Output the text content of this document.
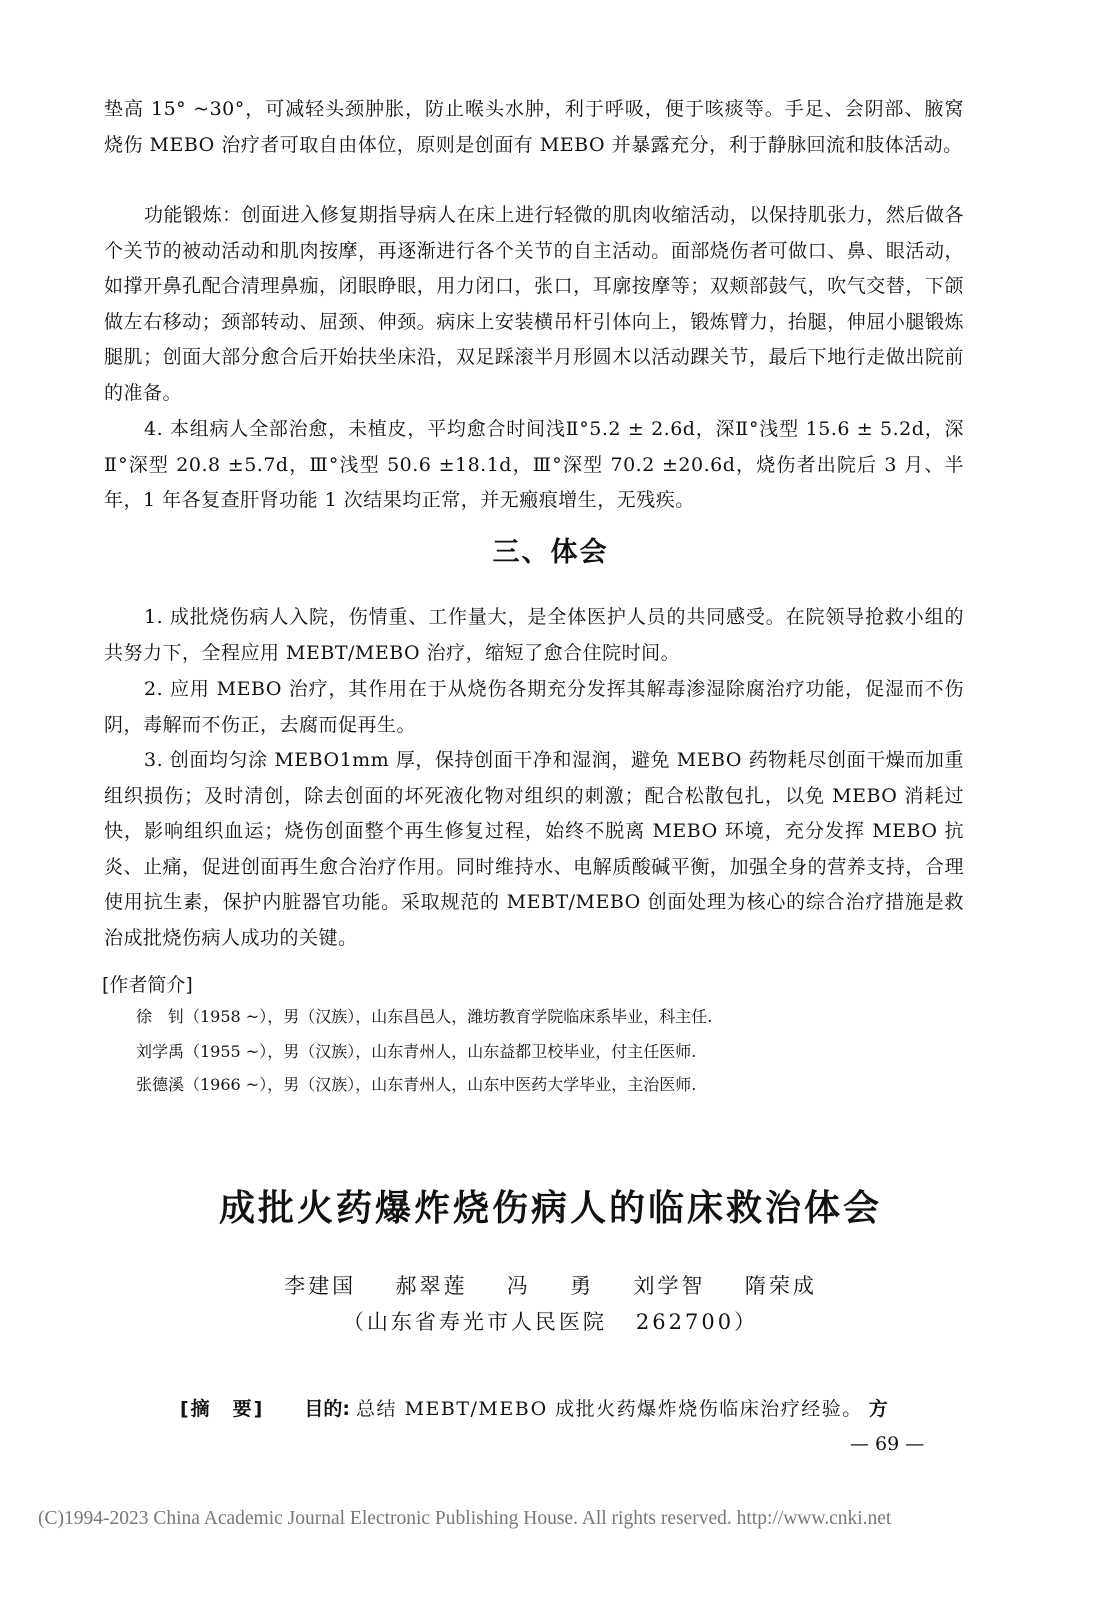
垫高 15° ~30°，可减轻头颈肿胀，防止喉头水肿，利于呼吸，便于咳痰等。手足、会阴部、腋窝烧伤 MEBO 治疗者可取自由体位，原则是创面有 MEBO 并暴露充分，利于静脉回流和肢体活动。
功能锻炼：创面进入修复期指导病人在床上进行轻微的肌肉收缩活动，以保持肌张力，然后做各个关节的被动活动和肌肉按摩，再逐渐进行各个关节的自主活动。面部烧伤者可做口、鼻、眼活动，如撑开鼻孔配合清理鼻痂，闭眼睁眼，用力闭口，张口，耳廓按摩等；双颊部鼓气，吹气交替，下颌做左右移动；颈部转动、屈颈、伸颈。病床上安装横吊杆引体向上，锻炼臂力，抬腿，伸屈小腿锻炼腿肌；创面大部分愈合后开始扶坐床沿，双足踩滚半月形圆木以活动踝关节，最后下地行走做出院前的准备。
4. 本组病人全部治愈，未植皮，平均愈合时间浅Ⅱ°5.2 ± 2.6d，深Ⅱ°浅型 15.6 ± 5.2d，深Ⅱ°深型 20.8 ±5.7d，Ⅲ°浅型 50.6 ±18.1d，Ⅲ°深型 70.2 ±20.6d，烧伤者出院后 3 月、半年，1 年各复查肝肾功能 1 次结果均正常，并无瘢痕增生，无残疾。
三、体会
1. 成批烧伤病人入院，伤情重、工作量大，是全体医护人员的共同感受。在院领导抢救小组的共努力下，全程应用 MEBT/MEBO 治疗，缩短了愈合住院时间。
2. 应用 MEBO 治疗，其作用在于从烧伤各期充分发挥其解毒渗湿除腐治疗功能，促湿而不伤阴，毒解而不伤正，去腐而促再生。
3. 创面均匀涂 MEBO1mm 厚，保持创面干净和湿润，避免 MEBO 药物耗尽创面干燥而加重组织损伤；及时清创，除去创面的坏死液化物对组织的刺激；配合松散包扎，以免 MEBO 消耗过快，影响组织血运；烧伤创面整个再生修复过程，始终不脱离 MEBO 环境，充分发挥 MEBO 抗炎、止痛，促进创面再生愈合治疗作用。同时维持水、电解质酸碱平衡，加强全身的营养支持，合理使用抗生素，保护内脏器官功能。采取规范的 MEBT/MEBO 创面处理为核心的综合治疗措施是救治成批烧伤病人成功的关键。
[作者简介]
徐　钊（1958 ~），男（汉族），山东昌邑人，潍坊教育学院临床系毕业，科主任.
刘学禹（1955 ~），男（汉族），山东青州人，山东益都卫校毕业，付主任医师.
张德溪（1966 ~），男（汉族），山东青州人，山东中医药大学毕业，主治医师.
成批火药爆炸烧伤病人的临床救治体会
李建国  郝翠莲  冯  勇  刘学智  隋荣成
（山东省寿光市人民医院   262700）
[摘　要] 目的: 总结 MEBT/MEBO 成批火药爆炸烧伤临床治疗经验。 方
— 69 —
(C)1994-2023 China Academic Journal Electronic Publishing House. All rights reserved. http://www.cnki.net
